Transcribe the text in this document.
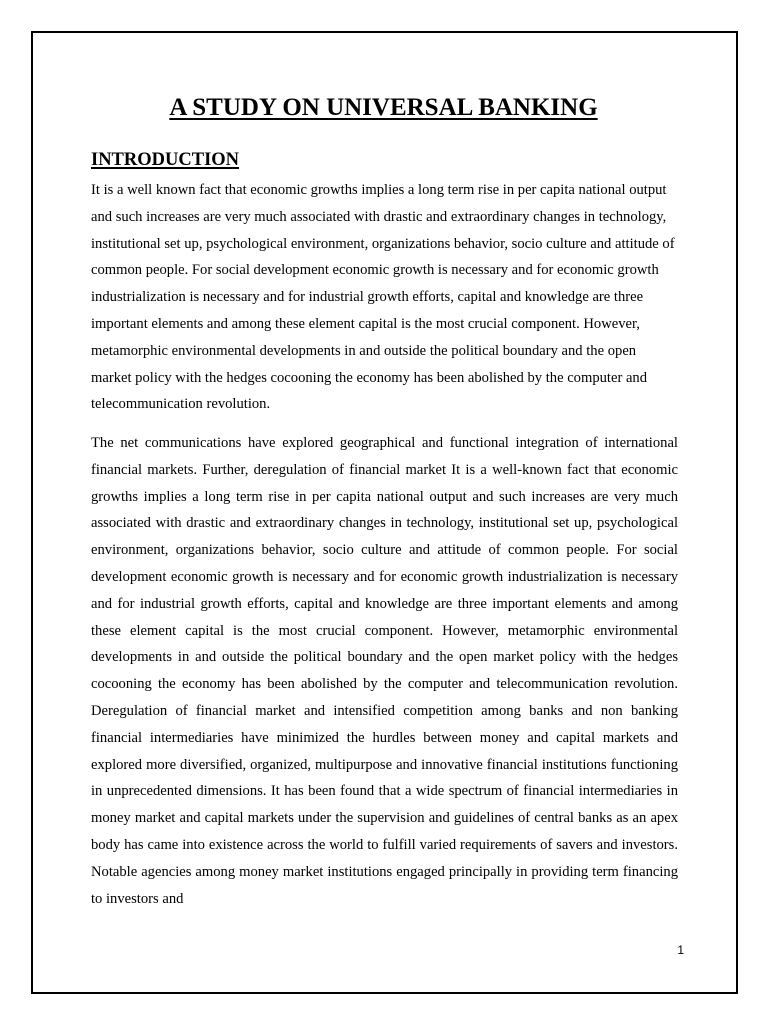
A STUDY ON UNIVERSAL BANKING
INTRODUCTION

It is a well known fact that economic growths implies a long term rise in per capita national output and such increases are very much associated with drastic and extraordinary changes in technology, institutional set up, psychological environment, organizations behavior, socio culture and attitude of common people. For social development economic growth is necessary and for economic growth industrialization is necessary and for industrial growth efforts, capital and knowledge are three important elements and among these element capital is the most crucial component. However, metamorphic environmental developments in and outside the political boundary and the open market policy with the hedges cocooning the economy has been abolished by the computer and telecommunication revolution.

The net communications have explored geographical and functional integration of international financial markets. Further, deregulation of financial market It is a well-known fact that economic growths implies a long term rise in per capita national output and such increases are very much associated with drastic and extraordinary changes in technology, institutional set up, psychological environment, organizations behavior, socio culture and attitude of common people. For social development economic growth is necessary and for economic growth industrialization is necessary and for industrial growth efforts, capital and knowledge are three important elements and among these element capital is the most crucial component. However, metamorphic environmental developments in and outside the political boundary and the open market policy with the hedges cocooning the economy has been abolished by the computer and telecommunication revolution. Deregulation of financial market and intensified competition among banks and non banking financial intermediaries have minimized the hurdles between money and capital markets and explored more diversified, organized, multipurpose and innovative financial institutions functioning in unprecedented dimensions. It has been found that a wide spectrum of financial intermediaries in money market and capital markets under the supervision and guidelines of central banks as an apex body has came into existence across the world to fulfill varied requirements of savers and investors. Notable agencies among money market institutions engaged principally in providing term financing to investors and

1
